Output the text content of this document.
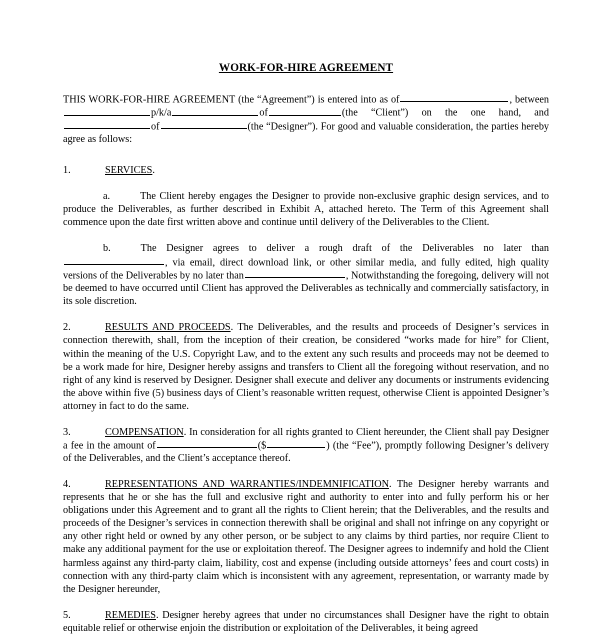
WORK-FOR-HIRE AGREEMENT

THIS WORK-FOR-HIRE AGREEMENT (the “Agreement”) is entered into as of	, betweenp/k/a	of	(the “Client”) on the one hand, and of	(the “Designer”). For good and valuable consideration, the parties hereby agree as follows:

1.	SERVICES.

a.	The Client hereby engages the Designer to provide non-exclusive graphic design services, and to produce the Deliverables, as further described in Exhibit A, attached hereto. The Term of this Agreement shall commence upon the date first written above and continue until delivery of the Deliverables to the Client.

b.	The Designer agrees to deliver a rough draft of the Deliverables no later than, via email, direct download link, or other similar media, and fully edited, high quality versions of the Deliverables by no later than	, Notwithstanding the foregoing, delivery will not be deemed to have occurred until Client has approved the Deliverables as technically and commercially satisfactory, in its sole discretion.

2.	RESULTS AND PROCEEDS. The Deliverables, and the results and proceeds of Designer’s services in connection therewith, shall, from the inception of their creation, be considered “works made for hire” for Client, within the meaning of the U.S. Copyright Law, and to the extent any such results and proceeds may not be deemed to be a work made for hire, Designer hereby assigns and transfers to Client all the foregoing without reservation, and no right of any kind is reserved by Designer. Designer shall execute and deliver any documents or instruments evidencing the above within five (5) business days of Client’s reasonable written request, otherwise Client is appointed Designer’s attorney in fact to do the same.

3.	COMPENSATION. In consideration for all rights granted to Client hereunder, the Client shall pay Designer a fee in the amount of	($	) (the “Fee”), promptly following Designer’s delivery of the Deliverables, and the Client’s acceptance thereof.

4.	REPRESENTATIONS AND WARRANTIES/INDEMNIFICATION. The Designer hereby warrants and represents that he or she has the full and exclusive right and authority to enter into and fully perform his or her obligations under this Agreement and to grant all the rights to Client herein; that the Deliverables, and the results and proceeds of the Designer’s services in connection therewith shall be original and shall not infringe on any copyright or any other right held or owned by any other person, or be subject to any claims by third parties, nor require Client to make any additional payment for the use or exploitation thereof. The Designer agrees to indemnify and hold the Client harmless against any third-party claim, liability, cost and expense (including outside attorneys’ fees and court costs) in connection with any third-party claim which is inconsistent with any agreement, representation, or warranty made by the Designer hereunder,

5.	REMEDIES. Designer hereby agrees that under no circumstances shall Designer have the right to obtain equitable relief or otherwise enjoin the distribution or exploitation of the Deliverables, it being agreed
